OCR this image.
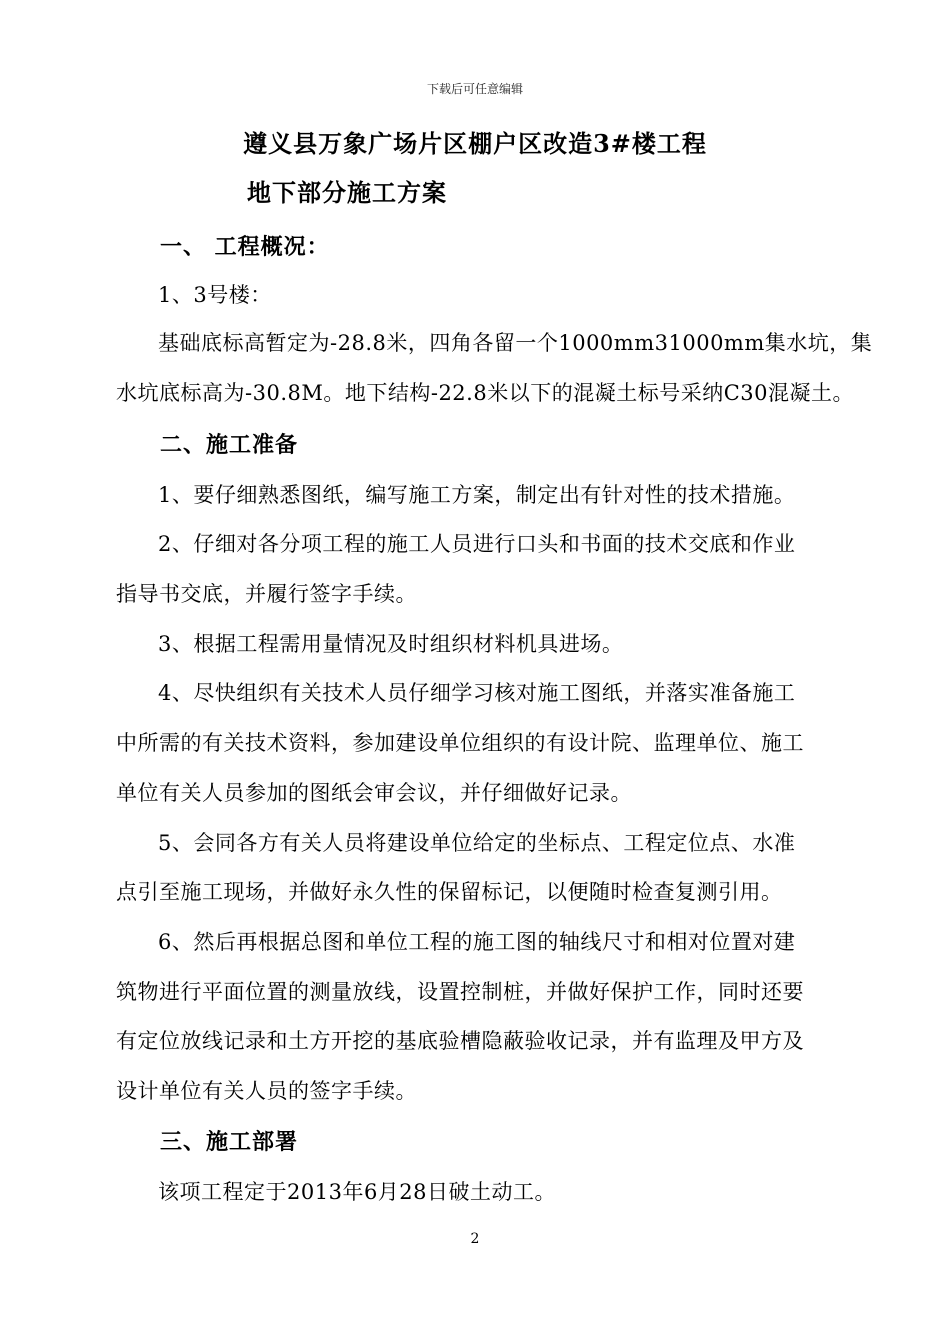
下载后可任意编辑
遵义县万象广场片区棚户区改造3#楼工程
地下部分施工方案
一、 工程概况：
1、3号楼：
基础底标高暂定为-28.8米，四角各留一个1000mm31000mm集水坑，集
水坑底标高为-30.8M。地下结构-22.8米以下的混凝土标号采纳C30混凝土。
二、施工准备
1、要仔细熟悉图纸，编写施工方案，制定出有针对性的技术措施。
2、仔细对各分项工程的施工人员进行口头和书面的技术交底和作业
指导书交底，并履行签字手续。
3、根据工程需用量情况及时组织材料机具进场。
4、尽快组织有关技术人员仔细学习核对施工图纸，并落实准备施工
中所需的有关技术资料，参加建设单位组织的有设计院、监理单位、施工
单位有关人员参加的图纸会审会议，并仔细做好记录。
5、会同各方有关人员将建设单位给定的坐标点、工程定位点、水准
点引至施工现场，并做好永久性的保留标记，以便随时检查复测引用。
6、然后再根据总图和单位工程的施工图的轴线尺寸和相对位置对建
筑物进行平面位置的测量放线，设置控制桩，并做好保护工作，同时还要
有定位放线记录和土方开挖的基底验槽隐蔽验收记录，并有监理及甲方及
设计单位有关人员的签字手续。
三、施工部署
该项工程定于2013年6月28日破土动工。
2
